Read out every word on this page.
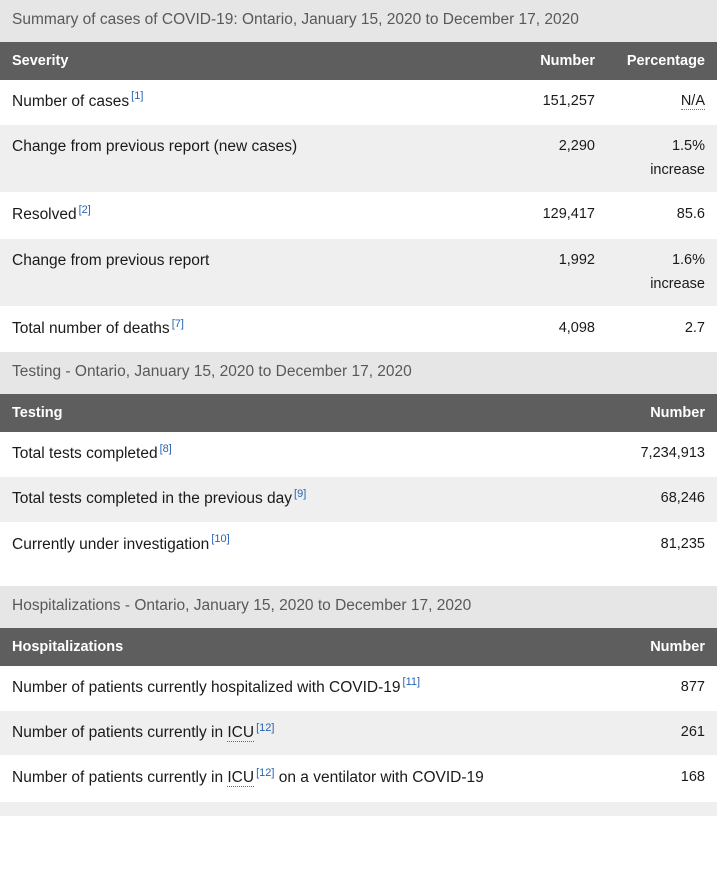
Summary of cases of COVID-19: Ontario, January 15, 2020 to December 17, 2020
Severity	Number	Percentage
Number of cases [1]	151,257	N/A
Change from previous report (new cases)	2,290	1.5%
increase
Resolved [2]	129,417	85.6
Change from previous report	1,992	1.6%
increase
Total number of deaths [7]	4,098	2.7
Testing - Ontario, January 15, 2020 to December 17, 2020
Testing	Number
Total tests completed [8]	7,234,913
Total tests completed in the previous day [9]	68,246
Currently under investigation [10]	81,235
Hospitalizations - Ontario, January 15, 2020 to December 17, 2020
Hospitalizations	Number
Number of patients currently hospitalized with COVID-19 [11]	877
Number of patients currently in ICU [12]	261
Number of patients currently in ICU [12] on a ventilator with COVID-19	168
